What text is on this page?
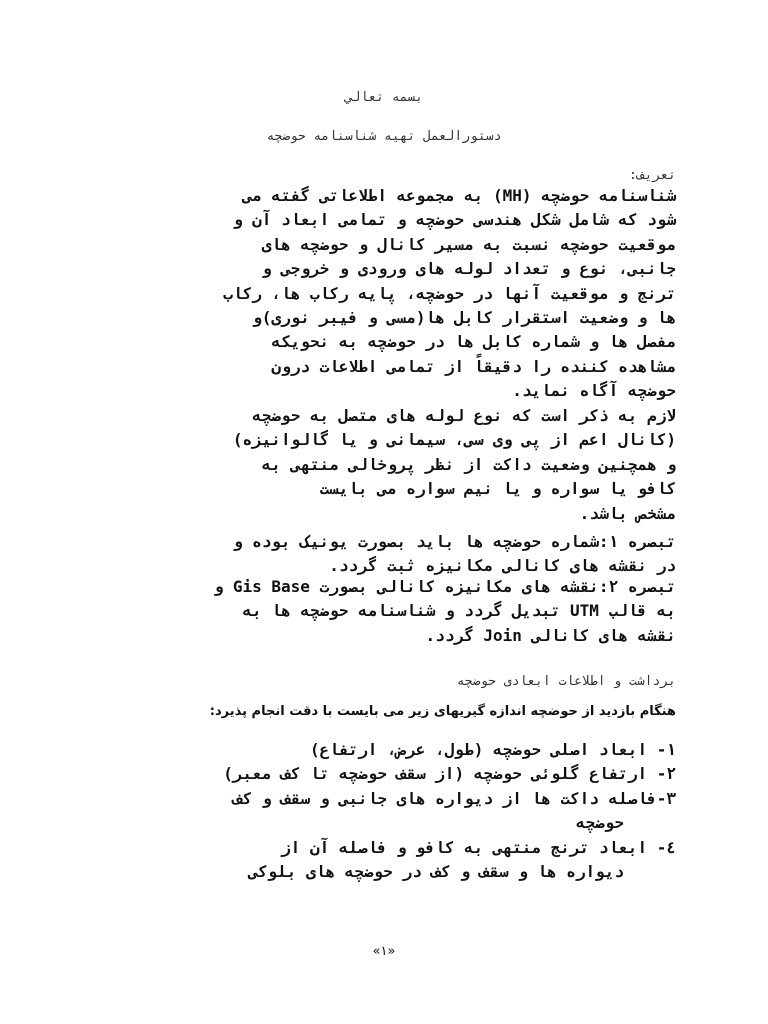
بسمه تعالي
دستورالعمل تهيه شناسنامه حوضچه
تعريف:

شناسنامه حوضچه (MH) به مجموعه اطلاعاتی گفته می

شود که شامل شکل هندسی حوضچه و تمامی ابعاد آن و

موقعیت حوضچه نسبت به مسیر کانال و حوضچه های

جانبی، نوع و تعداد لوله های ورودی و خروجی و

ترنج و موقعیت آنها در حوضچه، پایه رکاب ها، رکاب

ها و وضعیت استقرار کابل ها(مسی و فیبر نوری)و

مفصل ها و شماره کابل ها در حوضچه به نحویکه

مشاهده کننده را دقیقاً از تمامی اطلاعات درون

حوضچه آگاه نماید.

لازم به ذکر است که نوع لوله های متصل به حوضچه

(کانال اعم از پی وی سی، سیمانی و یا گالوانیزه)

و همچنین وضعیت داکت از نظر پروخالی منتهی به

کافو یا سواره و یا نیم سواره می بایست

مشخص باشد.

تبصره ۱:شماره حوضچه ها باید بصورت یونیک بوده و

در نقشه های کانالی مکانیزه ثبت گردد.

تبصره ۲:نقشه های مکانیزه کانالی بصورت Gis Base و

به قالب UTM تبدیل گردد و شناسنامه حوضچه ها به

نقشه های کانالی Join گردد.

برداشت و اطلاعات ابعادی حوضچه
هنگام بازدید از حوضچه اندازه گیریهای زیر می بایست با دقت انجام پذیرد:
۱- ابعاد اصلی حوضچه (طول، عرض، ارتفاع)
۲- ارتفاع گلوئی حوضچه (از سقف حوضچه تا کف معبر)
۳-فاصله داکت ها از دیواره های جانبی و سقف و کف
حوضچه
٤- ابعاد ترنج منتهی به کافو و فاصله آن از
دیواره ها و سقف و کف در حوضچه های بلوکی
«۱»
